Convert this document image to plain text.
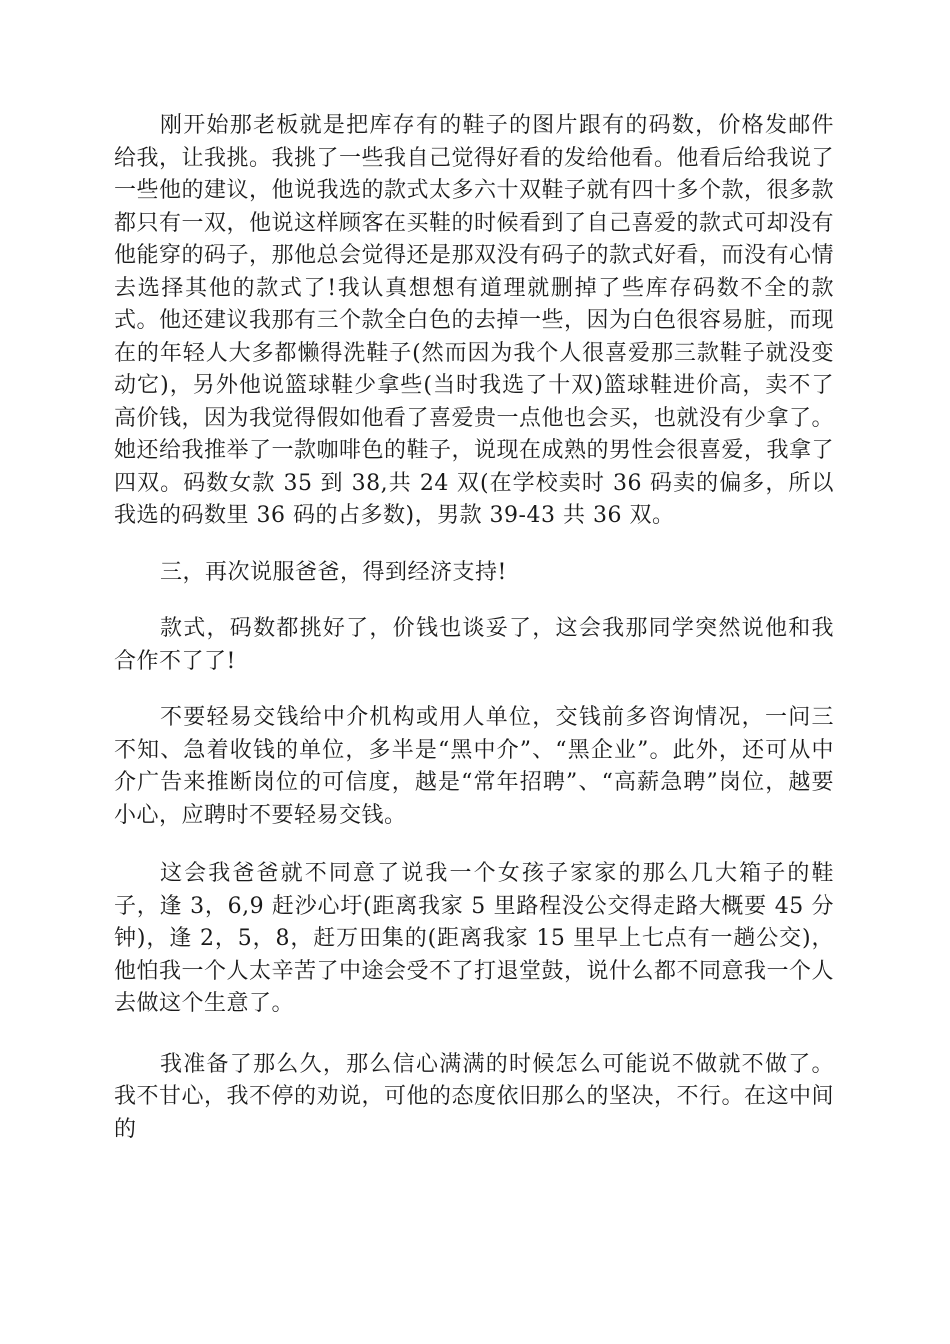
刚开始那老板就是把库存有的鞋子的图片跟有的码数，价格发邮件给我，让我挑。我挑了一些我自己觉得好看的发给他看。他看后给我说了一些他的建议，他说我选的款式太多六十双鞋子就有四十多个款，很多款都只有一双，他说这样顾客在买鞋的时候看到了自己喜爱的款式可却没有他能穿的码子，那他总会觉得还是那双没有码子的款式好看，而没有心情去选择其他的款式了!我认真想想有道理就删掉了些库存码数不全的款式。他还建议我那有三个款全白色的去掉一些，因为白色很容易脏，而现在的年轻人大多都懒得洗鞋子(然而因为我个人很喜爱那三款鞋子就没变动它)，另外他说篮球鞋少拿些(当时我选了十双)篮球鞋进价高，卖不了高价钱，因为我觉得假如他看了喜爱贵一点他也会买，也就没有少拿了。她还给我推举了一款咖啡色的鞋子，说现在成熟的男性会很喜爱，我拿了四双。码数女款 35 到 38,共 24 双(在学校卖时 36 码卖的偏多，所以我选的码数里 36 码的占多数)，男款 39-43 共 36 双。

三，再次说服爸爸，得到经济支持!

款式，码数都挑好了，价钱也谈妥了，这会我那同学突然说他和我合作不了了!

不要轻易交钱给中介机构或用人单位，交钱前多咨询情况，一问三不知、急着收钱的单位，多半是“黑中介”、“黑企业”。此外，还可从中介广告来推断岗位的可信度，越是“常年招聘”、“高薪急聘”岗位，越要小心，应聘时不要轻易交钱。

这会我爸爸就不同意了说我一个女孩子家家的那么几大箱子的鞋子，逢 3，6,9 赶沙心圩(距离我家 5 里路程没公交得走路大概要 45 分钟)，逢 2，5，8，赶万田集的(距离我家 15 里早上七点有一趟公交)，他怕我一个人太辛苦了中途会受不了打退堂鼓，说什么都不同意我一个人去做这个生意了。

我准备了那么久，那么信心满满的时候怎么可能说不做就不做了。我不甘心，我不停的劝说，可他的态度依旧那么的坚决，不行。在这中间的
